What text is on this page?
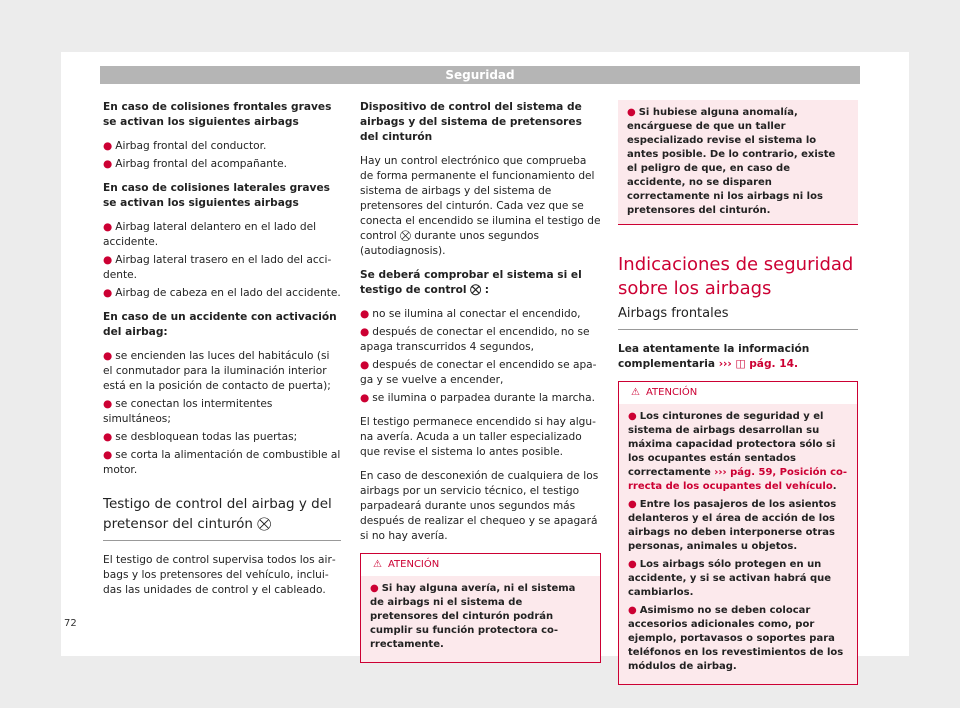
Seguridad

En caso de colisiones frontales graves se activan los siguientes airbags

● Airbag frontal del conductor.
● Airbag frontal del acompañante.

En caso de colisiones laterales graves se activan los siguientes airbags

● Airbag lateral delantero en el lado del accidente.
● Airbag lateral trasero en el lado del accidente.
● Airbag de cabeza en el lado del accidente.

En caso de un accidente con activación del airbag:

● se encienden las luces del habitáculo (si el conmutador para la iluminación interior está en la posición de contacto de puerta);
● se conectan los intermitentes simultáneos;
● se desbloquean todas las puertas;
● se corta la alimentación de combustible al motor.
Testigo de control del airbag y del pretensor del cinturón ⛒

El testigo de control supervisa todos los airbags y los pretensores del vehículo, incluidas las unidades de control y el cableado.

Dispositivo de control del sistema de airbags y del sistema de pretensores del cinturón

Hay un control electrónico que comprueba de forma permanente el funcionamiento del sistema de airbags y del sistema de pretensores del cinturón. Cada vez que se conecta el encendido se ilumina el testigo de control ⛒ durante unos segundos (autodiagnosis).

Se deberá comprobar el sistema si el testigo de control ⛒ :

● no se ilumina al conectar el encendido,
● después de conectar el encendido, no se apaga transcurridos 4 segundos,
● después de conectar el encendido se apaga y se vuelve a encender,
● se ilumina o parpadea durante la marcha.

El testigo permanece encendido si hay alguna avería. Acuda a un taller especializado que revise el sistema lo antes posible.

En caso de desconexión de cualquiera de los airbags por un servicio técnico, el testigo parpadeará durante unos segundos más después de realizar el chequeo y se apagará si no hay avería.

⚠ ATENCIÓN
● Si hay alguna avería, ni el sistema de airbags ni el sistema de pretensores del cinturón podrán cumplir su función protectora correctamente.
● Si hubiese alguna anomalía, encárguese de que un taller especializado revise el sistema lo antes posible. De lo contrario, existe el peligro de que, en caso de accidente, no se disparen correctamente ni los airbags ni los pretensores del cinturón.
Indicaciones de seguridad sobre los airbags
Airbags frontales

Lea atentamente la información complementaria ››› ◫ pág. 14.

⚠ ATENCIÓN
● Los cinturones de seguridad y el sistema de airbags desarrollan su máxima capacidad protectora sólo si los ocupantes están sentados correctamente ››› pág. 59, Posición correcta de los ocupantes del vehículo.
● Entre los pasajeros de los asientos delanteros y el área de acción de los airbags no deben interponerse otras personas, animales u objetos.
● Los airbags sólo protegen en un accidente, y si se activan habrá que cambiarlos.
● Asimismo no se deben colocar accesorios adicionales como, por ejemplo, portavasos o soportes para teléfonos en los revestimientos de los módulos de airbag.
72
